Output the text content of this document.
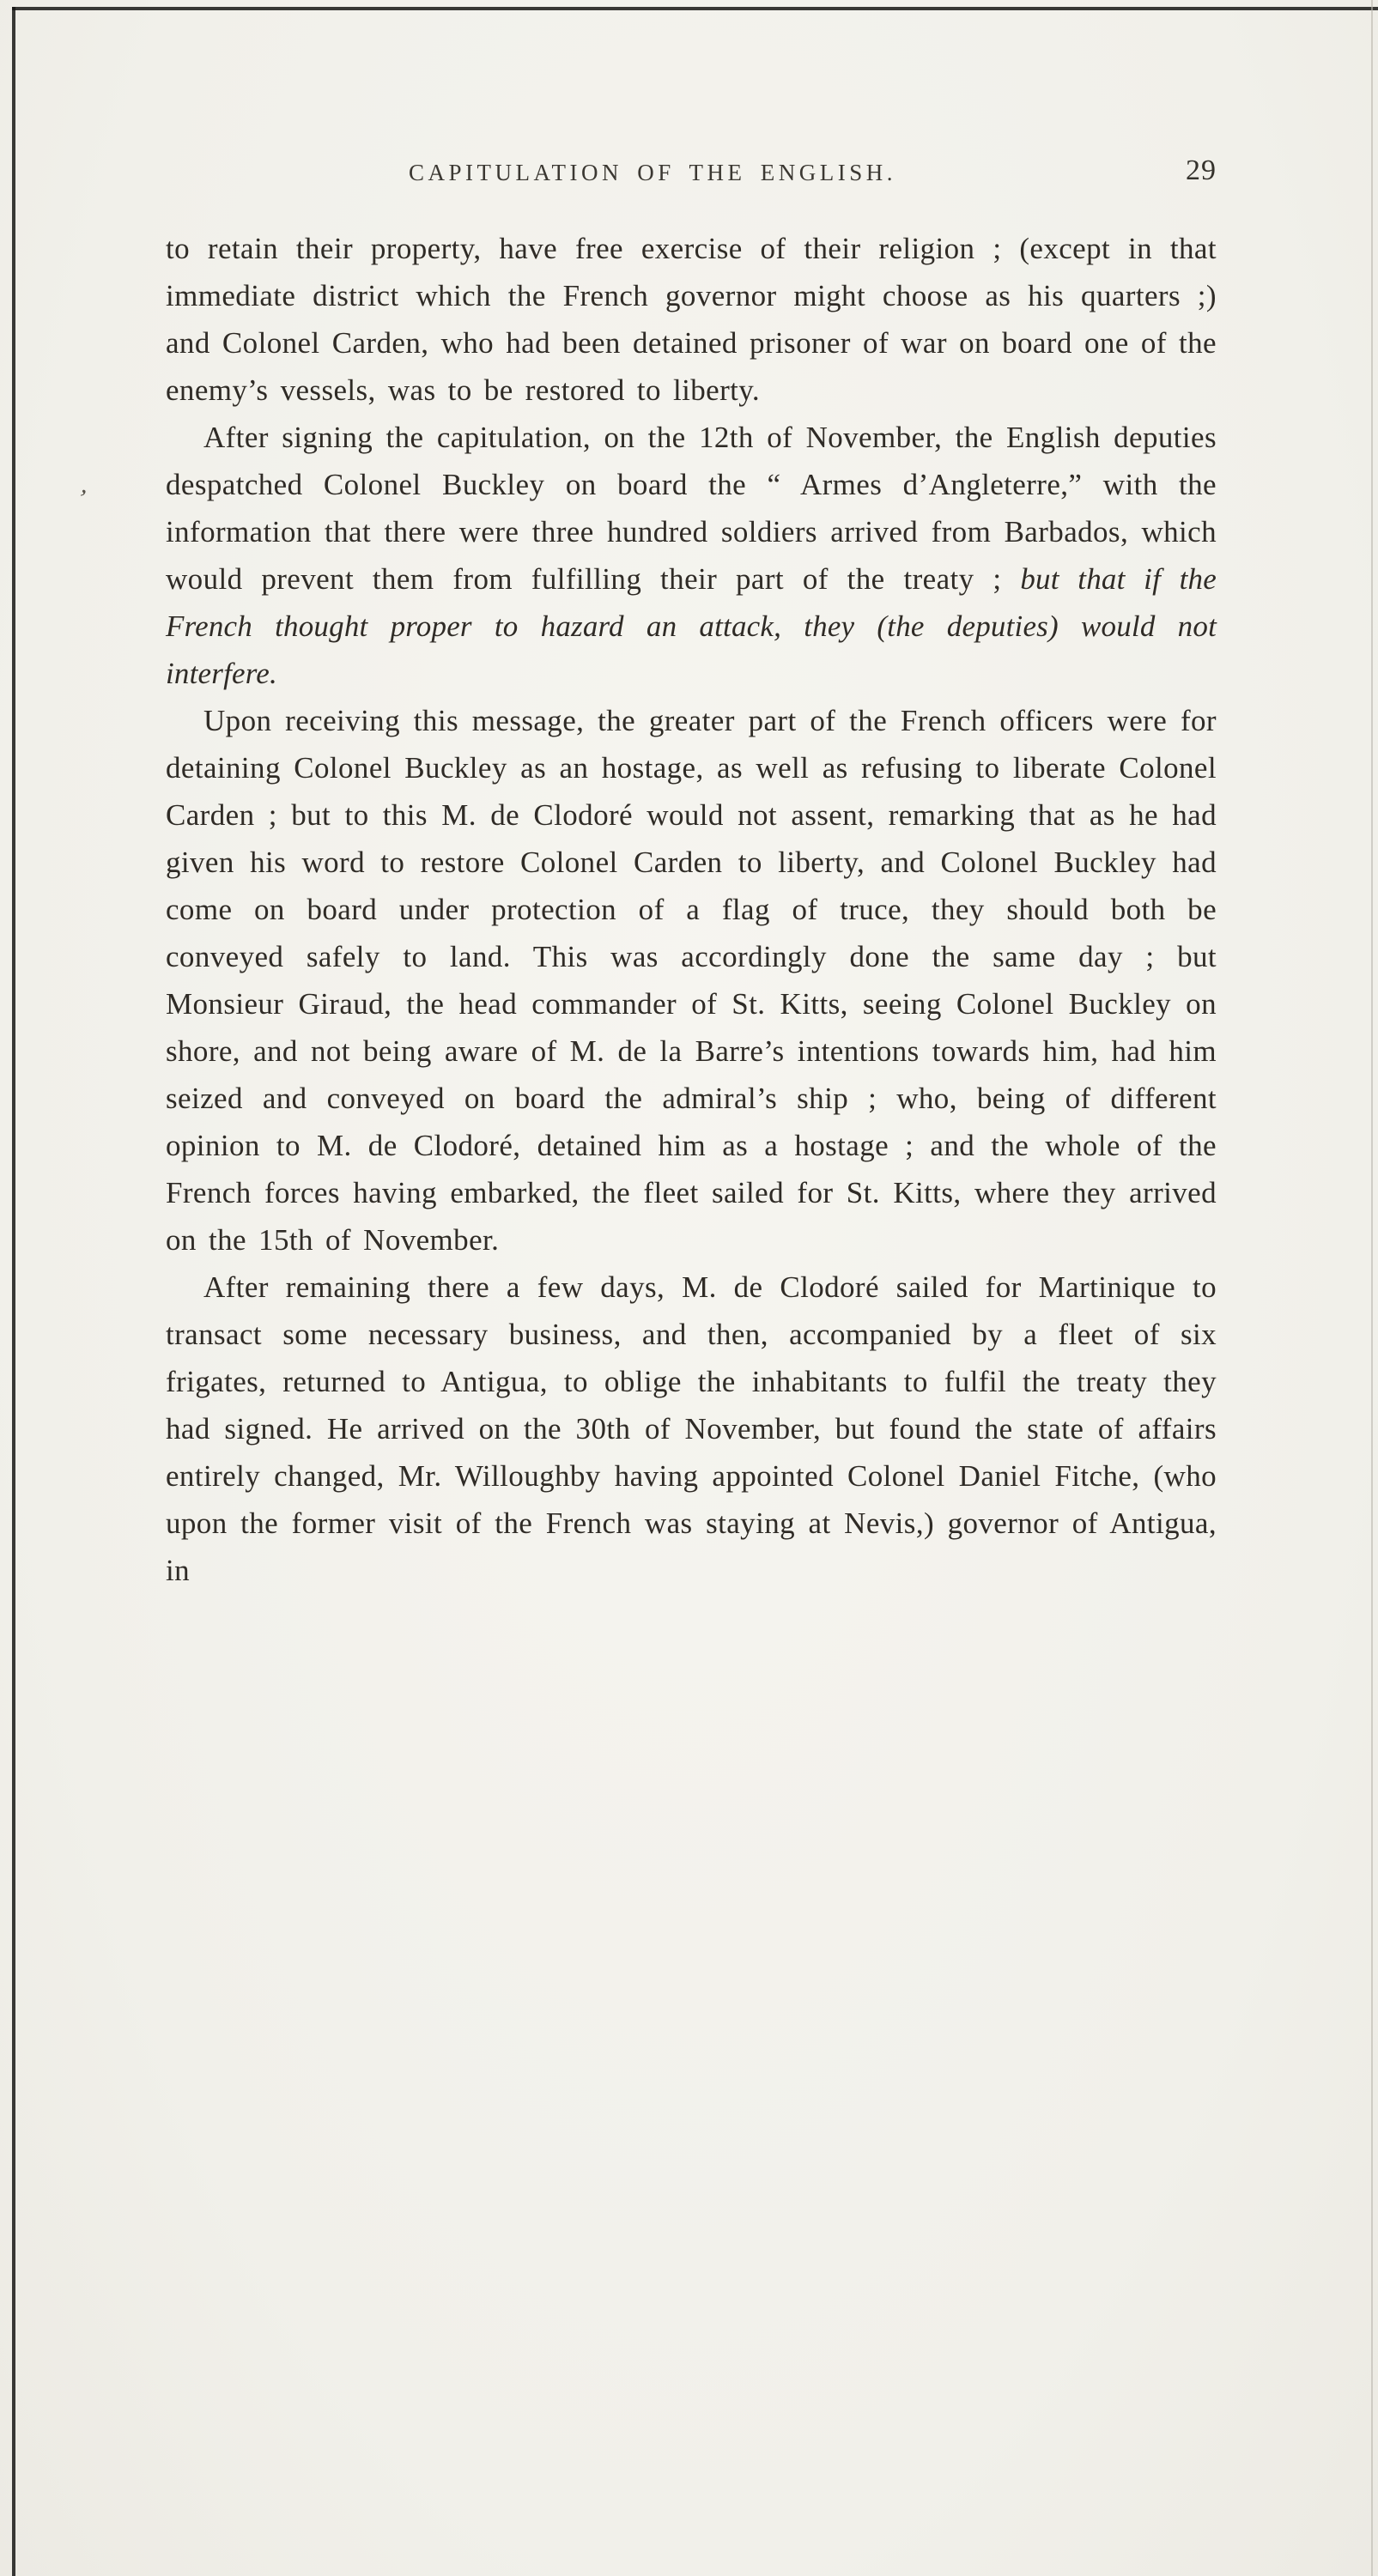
CAPITULATION OF THE ENGLISH.	29
,

to retain their property, have free exercise of their religion ; (except in that immediate district which the French governor might choose as his quarters ;) and Colonel Carden, who had been detained prisoner of war on board one of the enemy’s vessels, was to be restored to liberty.

After signing the capitulation, on the 12th of November, the English deputies despatched Colonel Buckley on board the “ Armes d’Angleterre,” with the information that there were three hundred soldiers arrived from Barbados, which would prevent them from fulfilling their part of the treaty ; but that if the French thought proper to hazard an attack, they (the deputies) would not interfere.

Upon receiving this message, the greater part of the French officers were for detaining Colonel Buckley as an hostage, as well as refusing to liberate Colonel Carden ; but to this M. de Clodoré would not assent, remarking that as he had given his word to restore Colonel Carden to liberty, and Colonel Buckley had come on board under protection of a flag of truce, they should both be conveyed safely to land. This was accordingly done the same day ; but Monsieur Giraud, the head commander of St. Kitts, seeing Colonel Buckley on shore, and not being aware of M. de la Barre’s intentions towards him, had him seized and conveyed on board the admiral’s ship ; who, being of different opinion to M. de Clodoré, detained him as a hostage ; and the whole of the French forces having embarked, the fleet sailed for St. Kitts, where they arrived on the 15th of November.

After remaining there a few days, M. de Clodoré sailed for Martinique to transact some necessary business, and then, accompanied by a fleet of six frigates, returned to Antigua, to oblige the inhabitants to fulfil the treaty they had signed. He arrived on the 30th of November, but found the state of affairs entirely changed, Mr. Willoughby having appointed Colonel Daniel Fitche, (who upon the former visit of the French was staying at Nevis,) governor of Antigua, in
